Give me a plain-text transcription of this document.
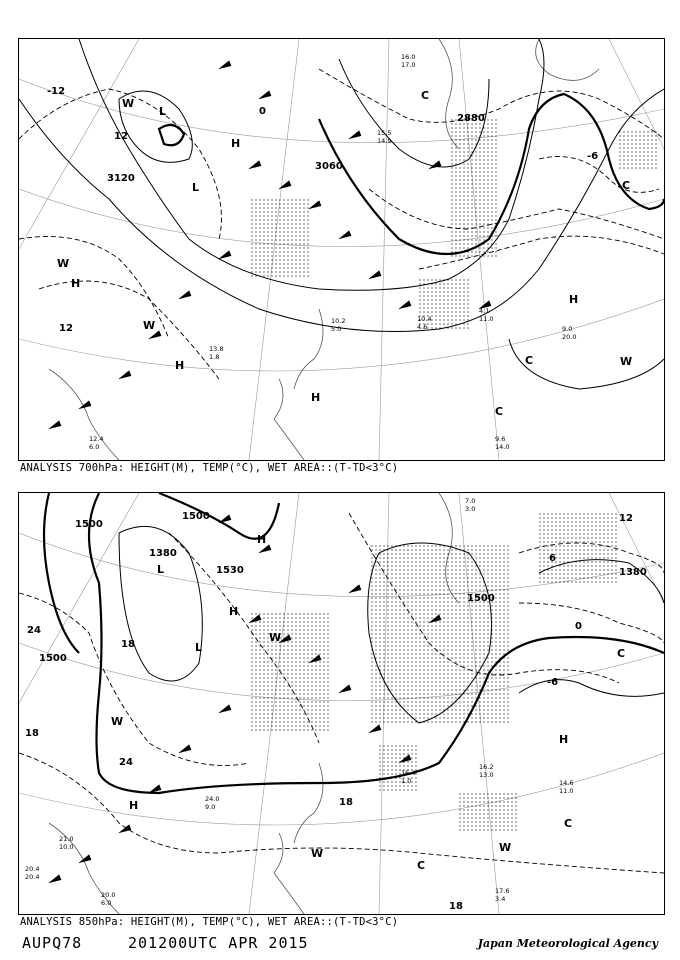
3120
3060
2880
0
-6
12
12
-12
L
L
H
H
H
H
H
W
W
W
W
C
C
C
C
9.0
20.0
9.6
14.0
4.1
11.0
10.4
4.6
10.2
5.0
15.5
14.9
16.0
17.0
13.8
1.8
12.4
6.0
ANALYSIS 700hPa: HEIGHT(M), TEMP(°C), WET AREA::(T-TD<3°C)
1500
1500
1380
1530
1500
1380
1500
24
18
18
24
18
6
0
12
-6
18
L
L
H
H
H
H
W
W
W	W
C
C
C
16.2
13.0
14.6
11.0
17.6
3.4
16.4
1.0
24.0
9.0
21.0
10.0
20.4
20.4
20.0
6.0
7.0
3.0
ANALYSIS 850hPa: HEIGHT(M), TEMP(°C), WET AREA::(T-TD<3°C)
AUPQ78	201200UTC APR 2015	Japan Meteorological Agency
